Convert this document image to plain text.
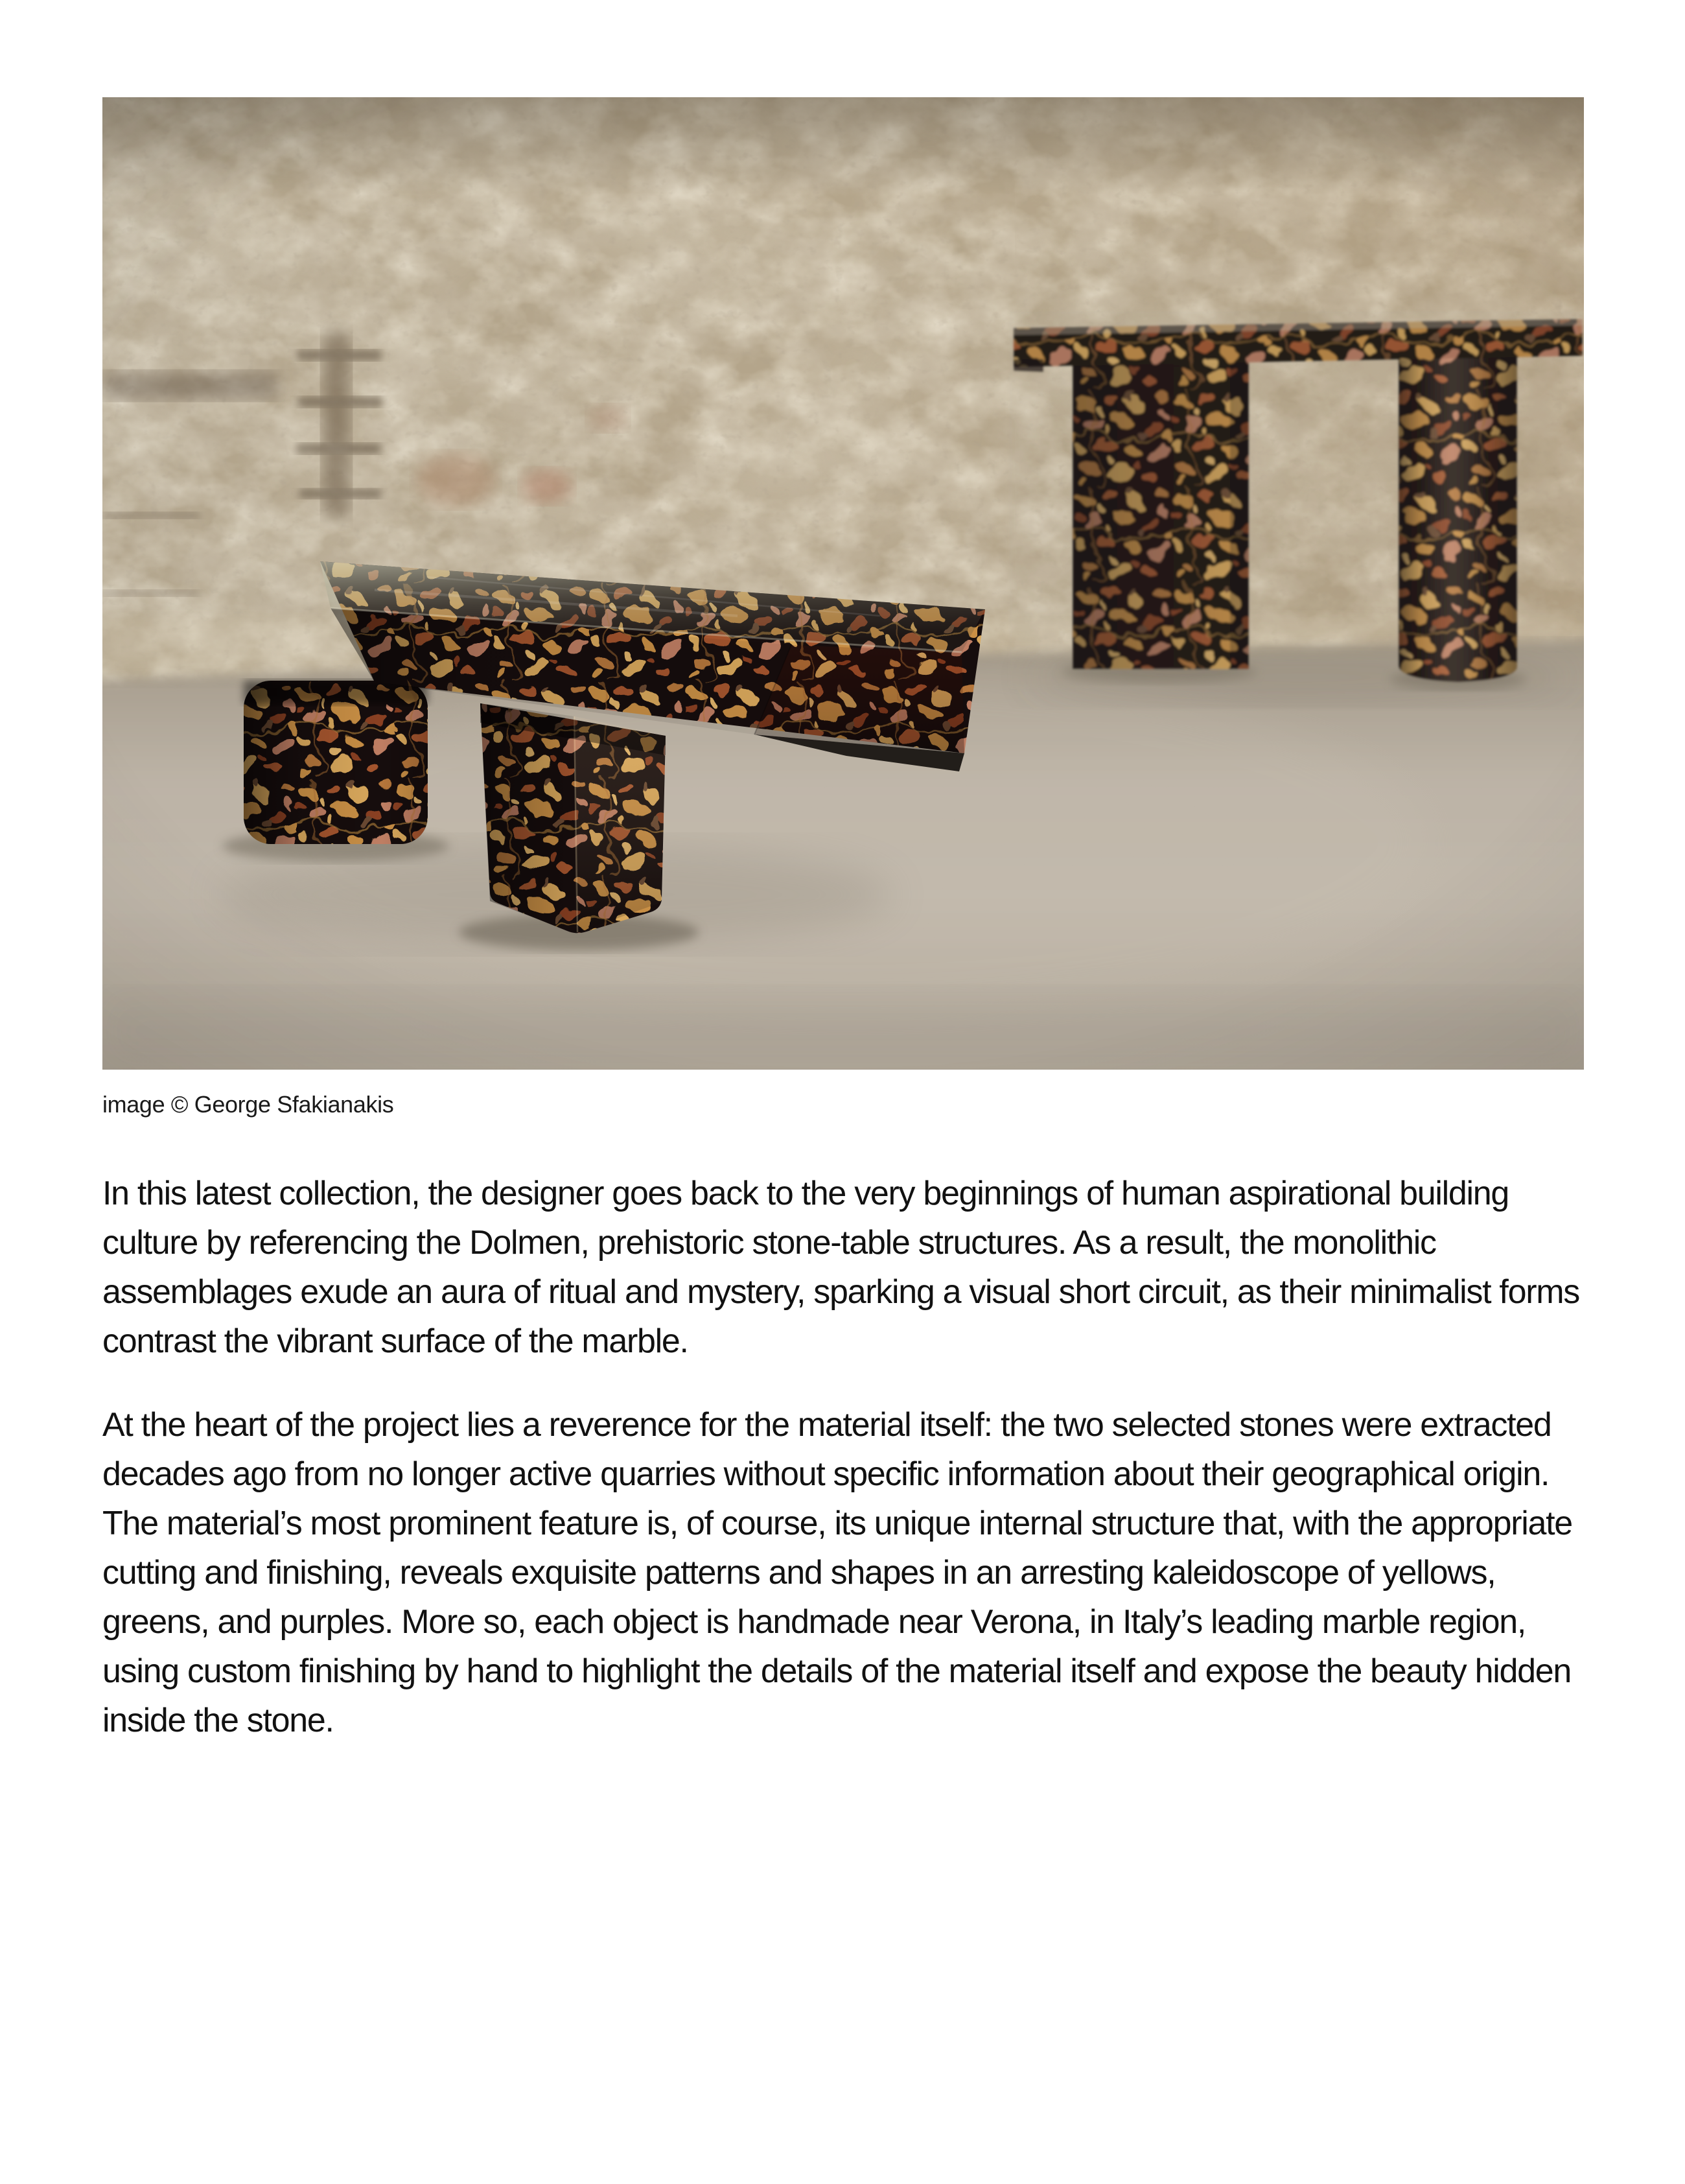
image © George Sfakianakis

In this latest collection, the designer goes back to the very beginnings of human aspirational building culture by referencing the Dolmen, prehistoric stone-table structures. As a result, the monolithic assemblages exude an aura of ritual and mystery, sparking a visual short circuit, as their minimalist forms contrast the vibrant surface of the marble.

At the heart of the project lies a reverence for the material itself: the two selected stones were extracted decades ago from no longer active quarries without specific information about their geographical origin. The material’s most prominent feature is, of course, its unique internal structure that, with the appropriate cutting and finishing, reveals exquisite patterns and shapes in an arresting kaleidoscope of yellows, greens, and purples. More so, each object is handmade near Verona, in Italy’s leading marble region, using custom finishing by hand to highlight the details of the material itself and expose the beauty hidden inside the stone.
